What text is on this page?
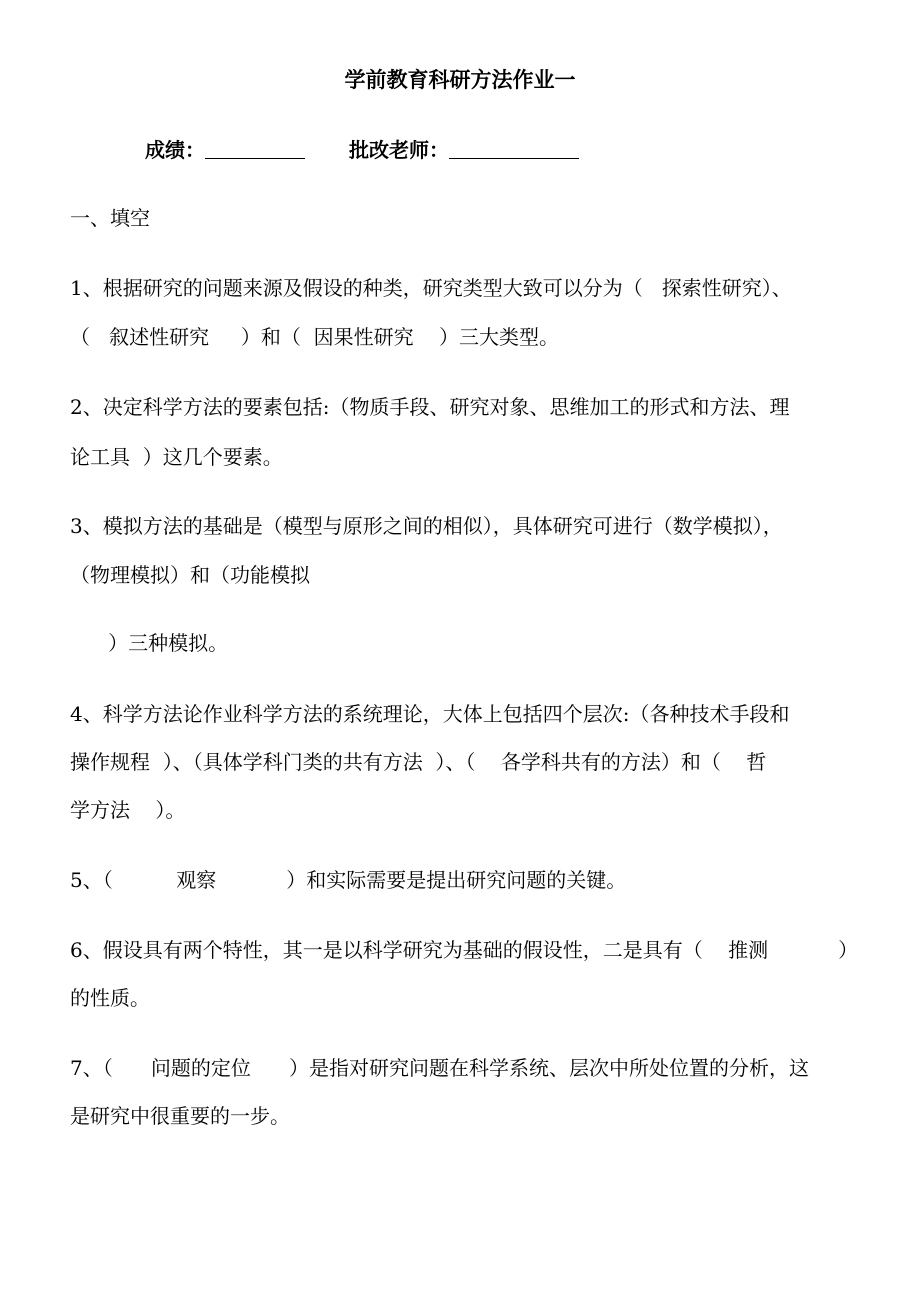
学前教育科研方法作业一
成绩：	批改老师：
一、填空
1、根据研究的问题来源及假设的种类，研究类型大致可以分为（   探索性研究）、
（   叙述性研究     ）和（  因果性研究    ）三大类型。
2、决定科学方法的要素包括:（物质手段、研究对象、思维加工的形式和方法、理
论工具  ）这几个要素。
3、模拟方法的基础是（模型与原形之间的相似），具体研究可进行（数学模拟），
（物理模拟）和（功能模拟
）三种模拟。
4、科学方法论作业科学方法的系统理论，大体上包括四个层次:（各种技术手段和
操作规程  ）、（具体学科门类的共有方法  ）、（    各学科共有的方法）和（    哲
学方法    ）。
5、（          观察           ）和实际需要是提出研究问题的关键。
6、假设具有两个特性，其一是以科学研究为基础的假设性，二是具有（    推测           ）
的性质。
7、（      问题的定位      ）是指对研究问题在科学系统、层次中所处位置的分析，这
是研究中很重要的一步。
